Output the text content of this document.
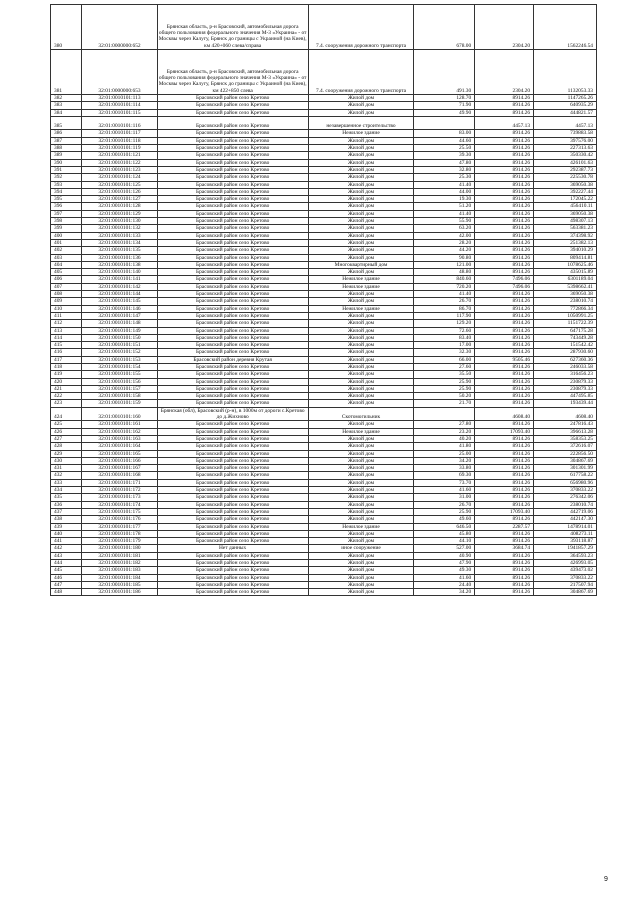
380	32:01:0000000:652	Брянская область, р-н Брасовский, автомобильная дорога общего пользования федерального значения М-3 «Украина» - от Москвы через Калугу, Брянск до границы с Украиной (на Киев), км 420+060 слева/справа	7.4. сооружения дорожного транспорта	678.00	2304.20	1562246.54
381	32:01:0000000:653	Брянская область, р-н Брасовский, автомобильная дорога общего пользования федерального значения М-3 «Украина» - от Москвы через Калугу, Брянск до границы с Украиной (на Киев), км 422+850 слева	7.4. сооружения дорожного транспорта	491.30	2304.20	1132053.33
382	32:01:0010101:113	Брасовский район село Кретово	Жилой дом	128.70	8914.26	1147265.26
383	32:01:0010101:114	Брасовский район село Кретово	Жилой дом	71.90	8914.26	640935.29
384	32:01:0010101:115	Брасовский район село Кретово	Жилой дом	49.90	8914.26	444821.57
385	32:01:0010101:116	Брасовский район село Кретово	незавершенное строительство		4457.13	4457.13
386	32:01:0010101:117	Брасовский район село Кретово	Нежилое здание	83.00	8914.26	739883.58
387	32:01:0010101:118	Брасовский район село Кретово	Жилой дом	44.60	8914.26	397576.00
388	32:01:0010101:119	Брасовский район село Кретово	Жилой дом	25.50	8914.26	227313.63
389	32:01:0010101:121	Брасовский район село Кретово	Жилой дом	39.30	8914.26	350330.42
390	32:01:0010101:122	Брасовский район село Кретово	Жилой дом	47.80	8914.26	426101.63
391	32:01:0010101:123	Брасовский район село Кретово	Жилой дом	32.80	8914.26	292387.73
392	32:01:0010101:124	Брасовский район село Кретово	Жилой дом	25.30	8914.26	225530.78
393	32:01:0010101:125	Брасовский район село Кретово	Жилой дом	41.40	8914.26	369050.38
394	32:01:0010101:126	Брасовский район село Кретово	Жилой дом	44.00	8914.26	392227.44
395	32:01:0010101:127	Брасовский район село Кретово	Жилой дом	19.30	8914.26	172045.22
396	32:01:0010101:128	Брасовский район село Кретово	Жилой дом	51.20	8914.26	456410.11
397	32:01:0010101:129	Брасовский район село Кретово	Жилой дом	41.40	8914.26	369050.38
398	32:01:0010101:130	Брасовский район село Кретово	Жилой дом	55.90	8914.26	498307.13
399	32:01:0010101:132	Брасовский район село Кретово	Жилой дом	63.20	8914.26	563381.23
400	32:01:0010101:133	Брасовский район село Кретово	Жилой дом	42.00	8914.26	374398.92
401	32:01:0010101:134	Брасовский район село Кретово	Жилой дом	28.20	8914.26	251382.13
402	32:01:0010101:135	Брасовский район село Кретово	Жилой дом	44.20	8914.26	394010.29
403	32:01:0010101:136	Брасовский район село Кретово	Жилой дом	90.80	8914.26	809414.81
404	32:01:0010101:138	Брасовский район село Кретово	Многоквартирный дом	121.00	8914.26	1078625.46
405	32:01:0010101:140	Брасовский район село Кретово	Жилой дом	48.80	8914.26	435015.89
406	32:01:0010101:141	Брасовский район село Кретово	Нежилое здание	840.60	7496.06	6301189.04
407	32:01:0010101:142	Брасовский район село Кретово	Нежилое здание	720.20	7496.06	5398662.41
408	32:01:0010101:144	Брасовский район село Кретово	Жилой дом	41.40	8914.26	369050.38
409	32:01:0010101:145	Брасовский район село Кретово	Жилой дом	26.70	8914.26	238010.74
410	32:01:0010101:146	Брасовский район село Кретово	Нежилое здание	86.70	8914.26	772866.34
411	32:01:0010101:147	Брасовский район село Кретово	Жилой дом	117.90	8914.26	1050991.25
412	32:01:0010101:148	Брасовский район село Кретово	Жилой дом	129.20	8914.26	1151722.39
413	32:01:0010101:149	Брасовский район село Кретово	Жилой дом	72.60	8914.26	647175.28
414	32:01:0010101:150	Брасовский район село Кретово	Жилой дом	83.40	8914.26	743449.28
415	32:01:0010101:151	Брасовский район село Кретово	Жилой дом	17.00	8914.26	151542.42
416	32:01:0010101:152	Брасовский район село Кретово	Жилой дом	32.30	8914.26	287930.60
417	32:01:0010101:153	Брасовский район деревня Крутая	Жилой дом	66.00	9505.46	627360.36
418	32:01:0010101:154	Брасовский район село Кретово	Жилой дом	27.60	8914.26	246033.58
419	32:01:0010101:155	Брасовский район село Кретово	Жилой дом	35.50	8914.26	316456.23
420	32:01:0010101:156	Брасовский район село Кретово	Жилой дом	25.90	8914.26	230879.33
421	32:01:0010101:157	Брасовский район село Кретово	Жилой дом	25.90	8914.26	230879.33
422	32:01:0010101:158	Брасовский район село Кретово	Жилой дом	50.20	8914.26	447495.85
423	32:01:0010101:159	Брасовский район село Кретово	Жилой дом	21.70	8914.26	193439.44
424	32:01:0010101:160	Брянская (обл), Брасовский (р-н), в 1000м от дороги с.Кретово до д.Жихново	Скотомогильник		4608.40	4608.40
425	32:01:0010101:161	Брасовский район село Кретово	Жилой дом	27.80	8914.26	247816.43
426	32:01:0010101:162	Брасовский район село Кретово	Нежилое здание	23.20	17093.40	396613.28
427	32:01:0010101:163	Брасовский район село Кретово	Жилой дом	40.20	8914.26	358353.25
428	32:01:0010101:164	Брасовский район село Кретово	Жилой дом	41.80	8914.26	372616.07
429	32:01:0010101:165	Брасовский район село Кретово	Жилой дом	25.00	8914.26	222856.50
430	32:01:0010101:166	Брасовский район село Кретово	Жилой дом	34.20	8914.26	304867.69
431	32:01:0010101:167	Брасовский район село Кретово	Жилой дом	33.80	8914.26	301301.99
432	32:01:0010101:168	Брасовский район село Кретово	Жилой дом	69.30	8914.26	617758.22
433	32:01:0010101:171	Брасовский район село Кретово	Жилой дом	73.70	8914.26	656980.96
434	32:01:0010101:172	Брасовский район село Кретово	Жилой дом	41.60	8914.26	370833.22
435	32:01:0010101:173	Брасовский район село Кретово	Жилой дом	31.00	8914.26	276342.06
436	32:01:0010101:174	Брасовский район село Кретово	Жилой дом	26.70	8914.26	238010.74
437	32:01:0010101:175	Брасовский район село Кретово	Жилой дом	25.90	17093.40	442719.06
438	32:01:0010101:176	Брасовский район село Кретово	Жилой дом	49.60	8914.26	442147.30
439	32:01:0010101:177	Брасовский район село Кретово	Нежилое здание	646.50	2287.57	1478914.01
440	32:01:0010101:178	Брасовский район село Кретово	Жилой дом	45.80	8914.26	408273.11
441	32:01:0010101:179	Брасовский район село Кретово	Жилой дом	44.10	8914.26	393118.87
442	32:01:0010101:180	Нет данных	иное сооружение	527.00	3684.74	1941857.29
443	32:01:0010101:181	Брасовский район село Кретово	Жилой дом	40.90	8914.26	364593.23
444	32:01:0010101:182	Брасовский район село Кретово	Жилой дом	47.90	8914.26	426993.05
445	32:01:0010101:183	Брасовский район село Кретово	Жилой дом	49.30	8914.26	439473.02
446	32:01:0010101:184	Брасовский район село Кретово	Жилой дом	41.60	8914.26	370833.22
447	32:01:0010101:185	Брасовский район село Кретово	Жилой дом	24.40	8914.26	217507.94
448	32:01:0010101:186	Брасовский район село Кретово	Жилой дом	34.20	8914.26	304867.69
9
